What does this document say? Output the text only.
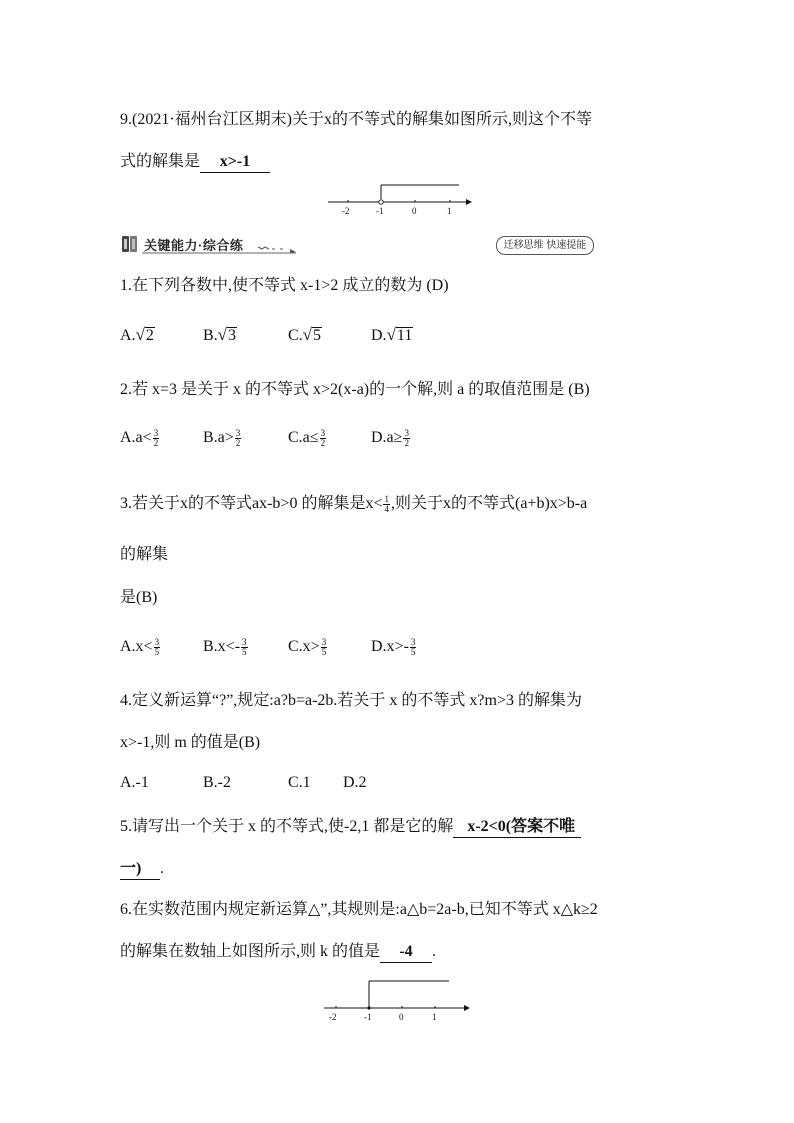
9.(2021·福州台江区期末)关于x的不等式的解集如图所示,则这个不等
式的解集是 x>-1
-2	-1	0	1
关键能力·综合练	迁移思维 快速提能
1.在下列各数中,使不等式 x-1>2 成立的数为 (D)
A. √ 2	B. √ 3	C. √ 5	D. √ 11
2.若 x=3 是关于 x 的不等式 x>2(x-a)的一个解,则 a 的取值范围是 (B)
$A.a< \frac{3}{2}$	$B.a> \frac{3}{2}$	$C.a\le \frac{3}{2}$	$D.a\ge \frac{3}{2}$
3.若关于x的不等式ax-b>0 的解集是$x< \frac{1}{4}$ ,则关于x的不等式(a+b)x>b-a
的解集
是(B)
$A.x< \frac{3}{5}$	$B.x<- \frac{3}{5}$	$C.x> \frac{3}{5}$	$D.x>- \frac{3}{5}$
4.定义新运算“?”,规定:a?b=a-2b.若关于 x 的不等式 x?m>3 的解集为
x>-1,则 m 的值是(B)
A.-1	B.-2	C.1 D.2
5.请写出一个关于 x 的不等式,使-2,1 都是它的解 x-2<0(答案不唯
一) .
6.在实数范围内规定新运算△”,其规则是:a△b=2a-b,已知不等式 x△k≥2
的解集在数轴上如图所示,则 k 的值是 -4 .
-2	-1	0	1
